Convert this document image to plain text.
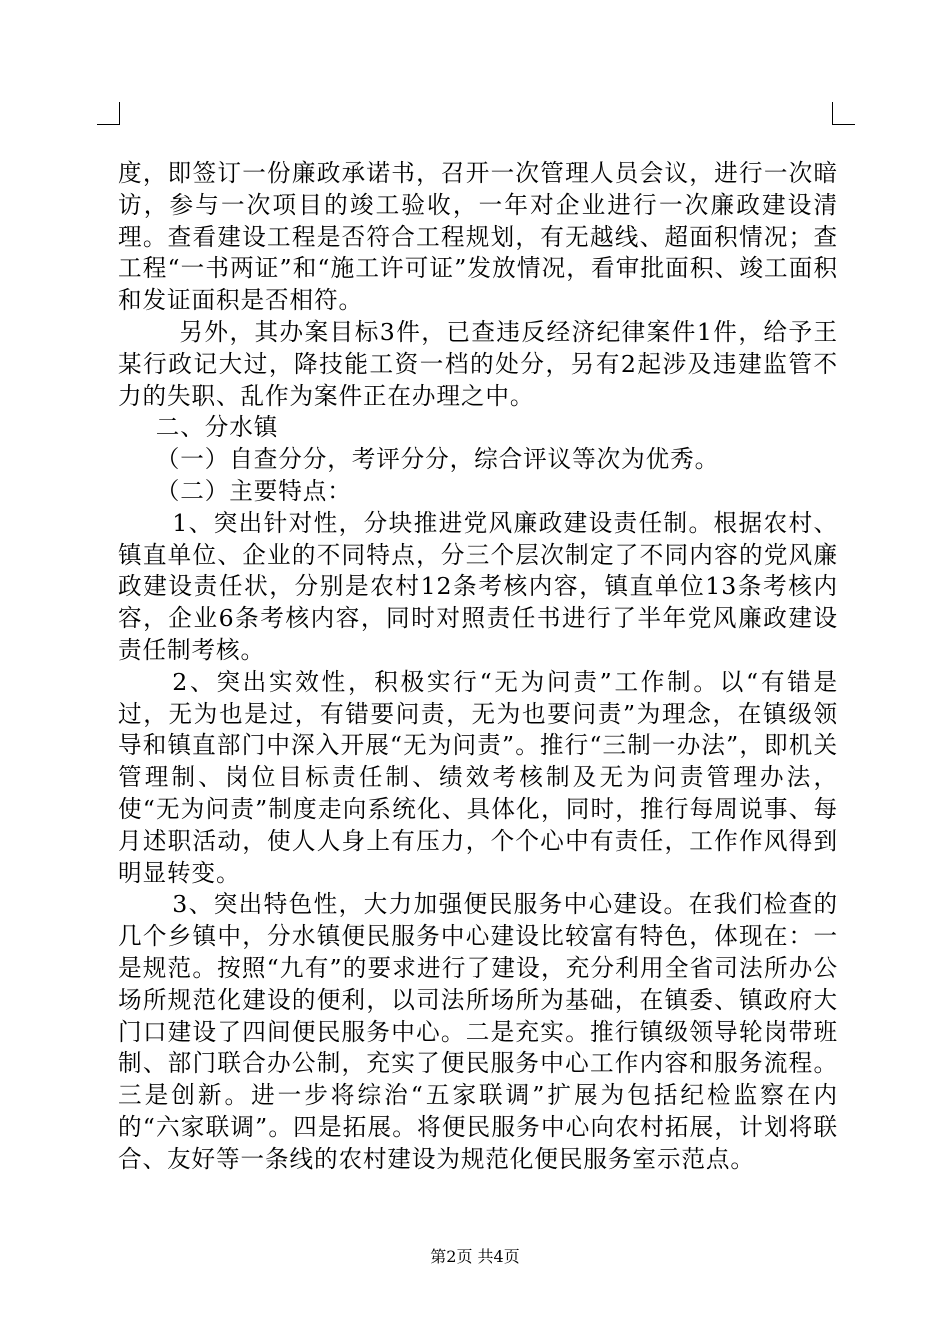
度，即签订一份廉政承诺书，召开一次管理人员会议，进行一次暗访，参与一次项目的竣工验收，一年对企业进行一次廉政建设清理。查看建设工程是否符合工程规划，有无越线、超面积情况；查工程“一书两证”和“施工许可证”发放情况，看审批面积、竣工面积和发证面积是否相符。

另外，其办案目标3件，已查违反经济纪律案件1件，给予王某行政记大过，降技能工资一档的处分，另有2起涉及违建监管不力的失职、乱作为案件正在办理之中。

二、分水镇

（一）自查分分，考评分分，综合评议等次为优秀。

（二）主要特点：

1、突出针对性，分块推进党风廉政建设责任制。根据农村、镇直单位、企业的不同特点，分三个层次制定了不同内容的党风廉政建设责任状，分别是农村12条考核内容，镇直单位13条考核内容，企业6条考核内容，同时对照责任书进行了半年党风廉政建设责任制考核。

2、突出实效性，积极实行“无为问责”工作制。以“有错是过，无为也是过，有错要问责，无为也要问责”为理念，在镇级领导和镇直部门中深入开展“无为问责”。推行“三制一办法”，即机关管理制、岗位目标责任制、绩效考核制及无为问责管理办法，使“无为问责”制度走向系统化、具体化，同时，推行每周说事、每月述职活动，使人人身上有压力，个个心中有责任，工作作风得到明显转变。

3、突出特色性，大力加强便民服务中心建设。在我们检查的几个乡镇中，分水镇便民服务中心建设比较富有特色，体现在：一是规范。按照“九有”的要求进行了建设，充分利用全省司法所办公场所规范化建设的便利，以司法所场所为基础，在镇委、镇政府大门口建设了四间便民服务中心。二是充实。推行镇级领导轮岗带班制、部门联合办公制，充实了便民服务中心工作内容和服务流程。三是创新。进一步将综治“五家联调”扩展为包括纪检监察在内的“六家联调”。四是拓展。将便民服务中心向农村拓展，计划将联合、友好等一条线的农村建设为规范化便民服务室示范点。

第2页 共4页
